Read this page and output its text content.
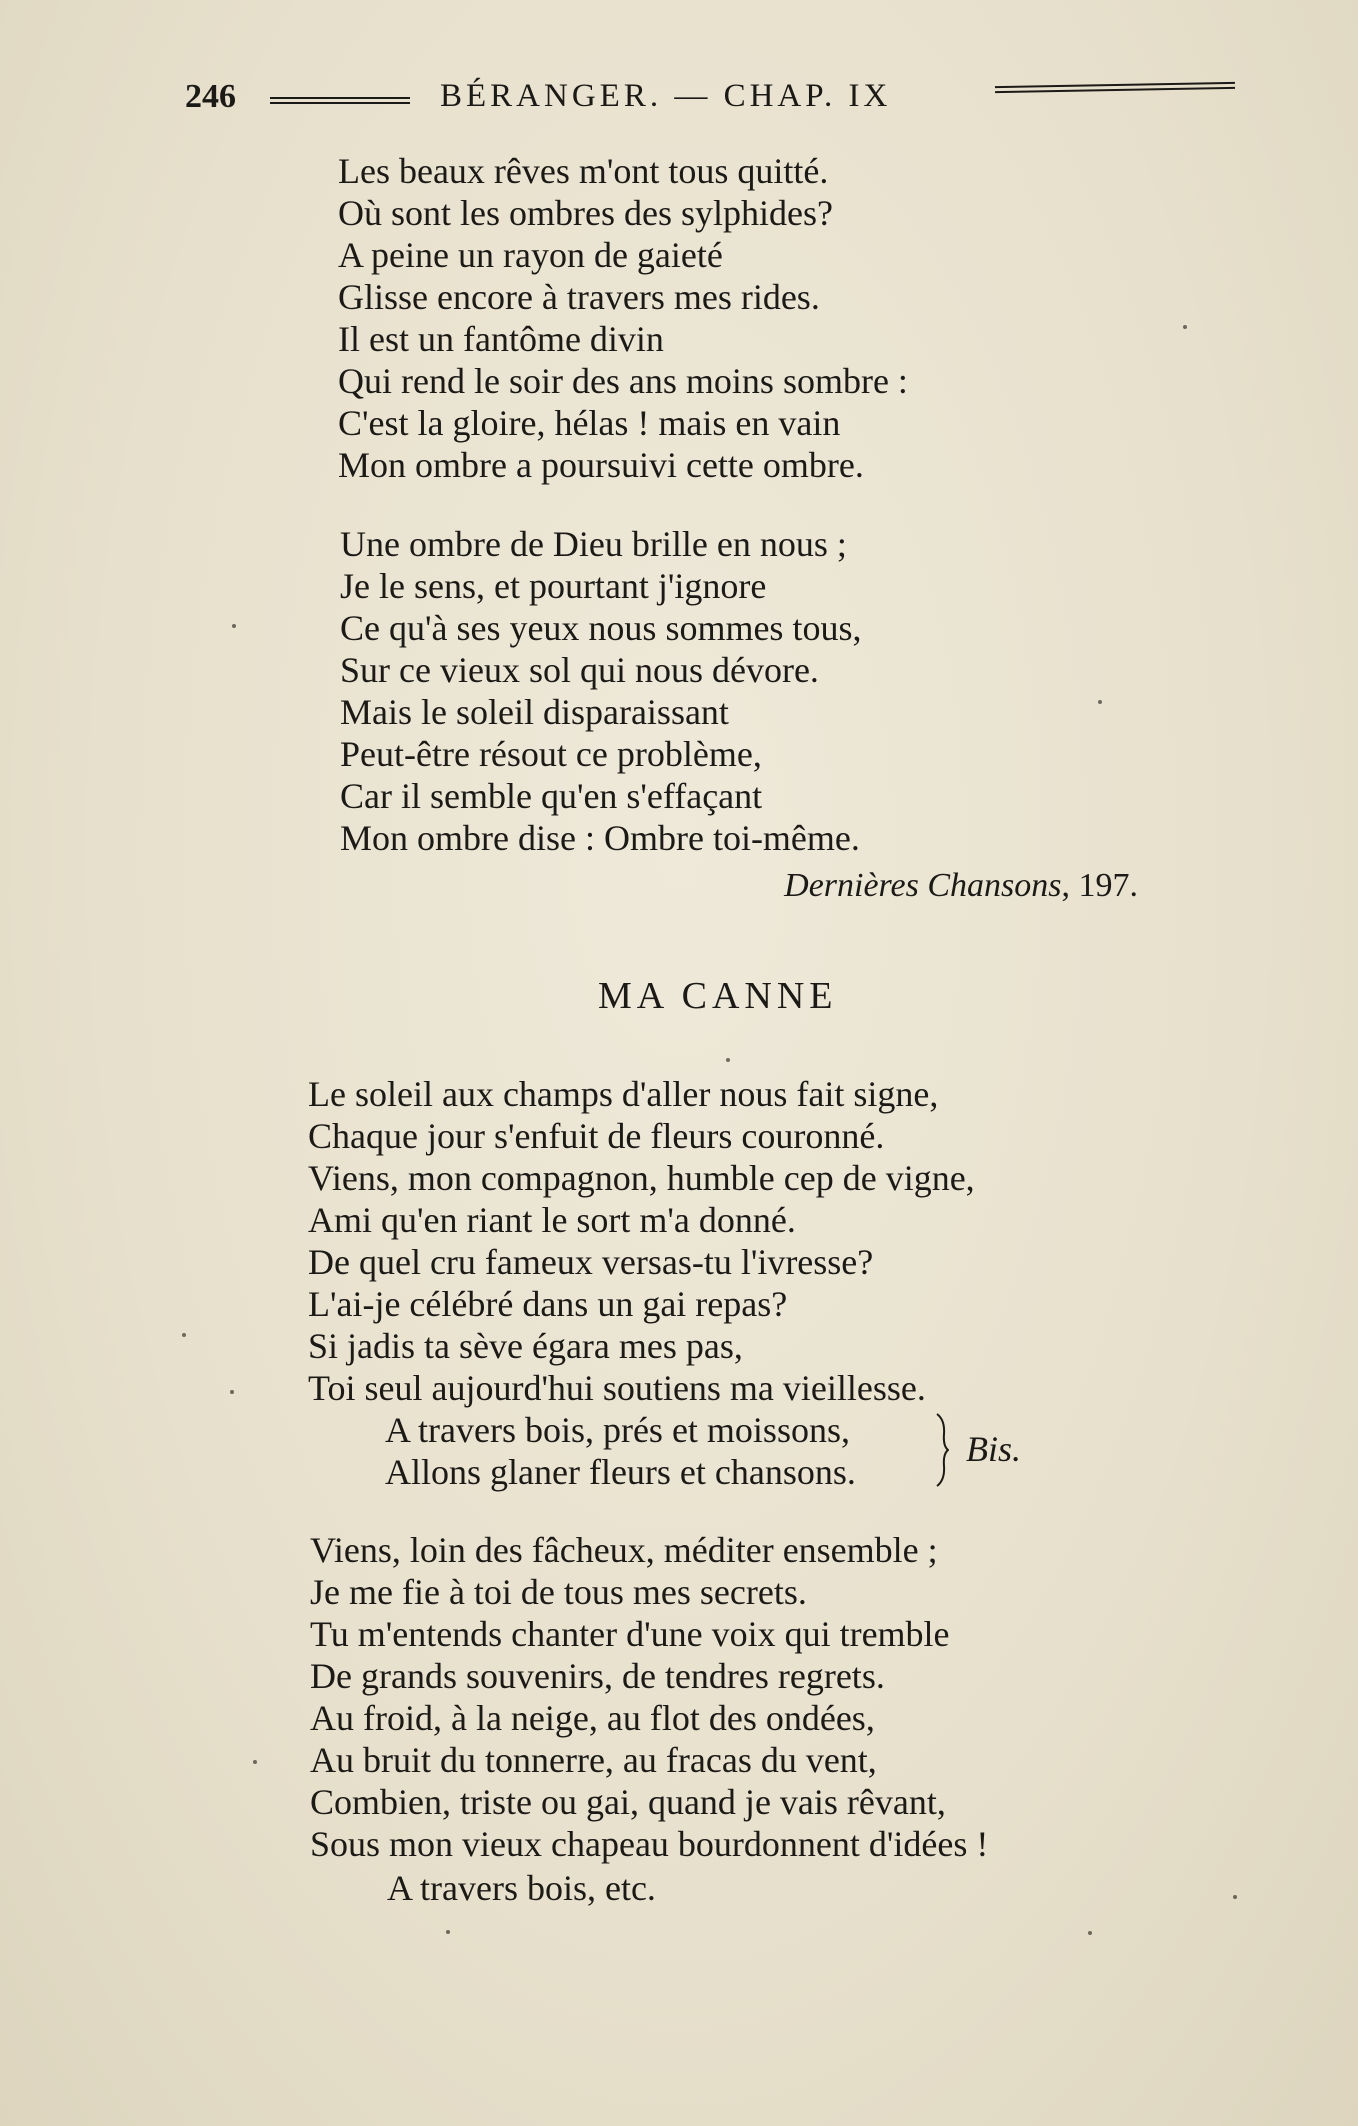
246	BÉRANGER. — CHAP. IX
Les beaux rêves m'ont tous quitté.
Où sont les ombres des sylphides?
A peine un rayon de gaieté
Glisse encore à travers mes rides.
Il est un fantôme divin
Qui rend le soir des ans moins sombre :
C'est la gloire, hélas ! mais en vain
Mon ombre a poursuivi cette ombre.
Une ombre de Dieu brille en nous ;
Je le sens, et pourtant j'ignore
Ce qu'à ses yeux nous sommes tous,
Sur ce vieux sol qui nous dévore.
Mais le soleil disparaissant
Peut-être résout ce problème,
Car il semble qu'en s'effaçant
Mon ombre dise : Ombre toi-même.
Dernières Chansons, 197.
MA CANNE
Le soleil aux champs d'aller nous fait signe,
Chaque jour s'enfuit de fleurs couronné.
Viens, mon compagnon, humble cep de vigne,
Ami qu'en riant le sort m'a donné.
De quel cru fameux versas-tu l'ivresse?
L'ai-je célébré dans un gai repas?
Si jadis ta sève égara mes pas,
Toi seul aujourd'hui soutiens ma vieillesse.
A travers bois, prés et moissons,
Allons glaner fleurs et chansons.
Bis.
Viens, loin des fâcheux, méditer ensemble ;
Je me fie à toi de tous mes secrets.
Tu m'entends chanter d'une voix qui tremble
De grands souvenirs, de tendres regrets.
Au froid, à la neige, au flot des ondées,
Au bruit du tonnerre, au fracas du vent,
Combien, triste ou gai, quand je vais rêvant,
Sous mon vieux chapeau bourdonnent d'idées !
A travers bois, etc.
